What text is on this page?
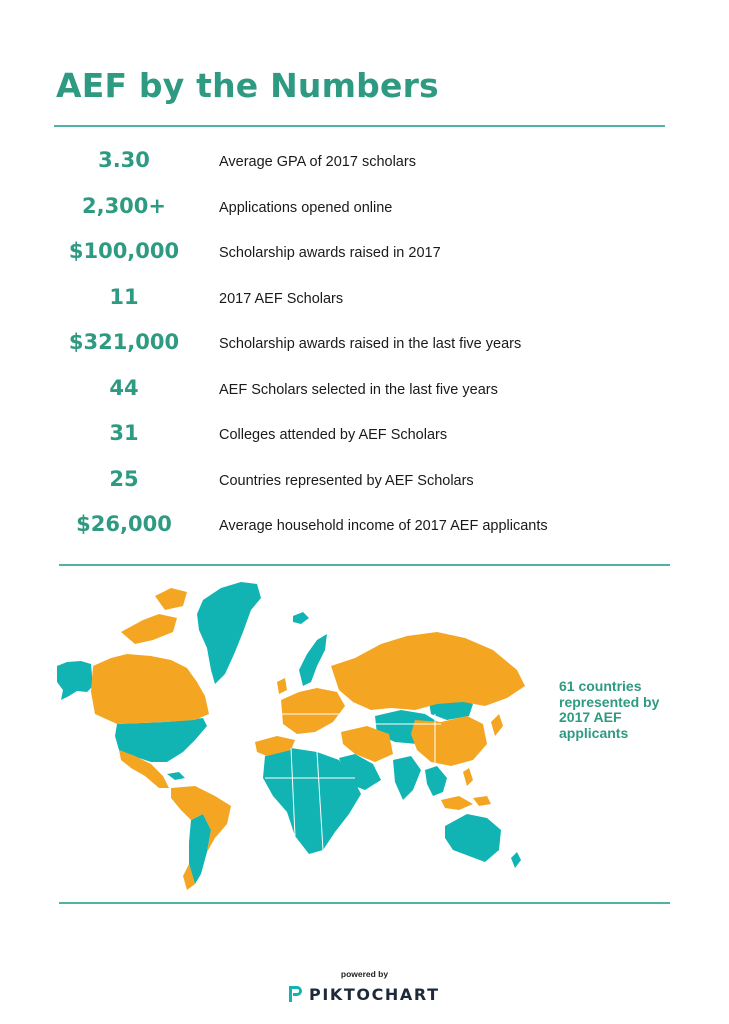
AEF by the Numbers
3.30	Average GPA of 2017 scholars
2,300+	Applications opened online
$100,000	Scholarship awards raised in 2017
11	2017 AEF Scholars
$321,000	Scholarship awards raised in the last five years
44	AEF Scholars selected in the last five years
31	Colleges attended by AEF Scholars
25	Countries represented by AEF Scholars
$26,000	Average household income of 2017 AEF applicants
61 countries represented by 2017 AEF applicants
powered by
PIKTOCHART
